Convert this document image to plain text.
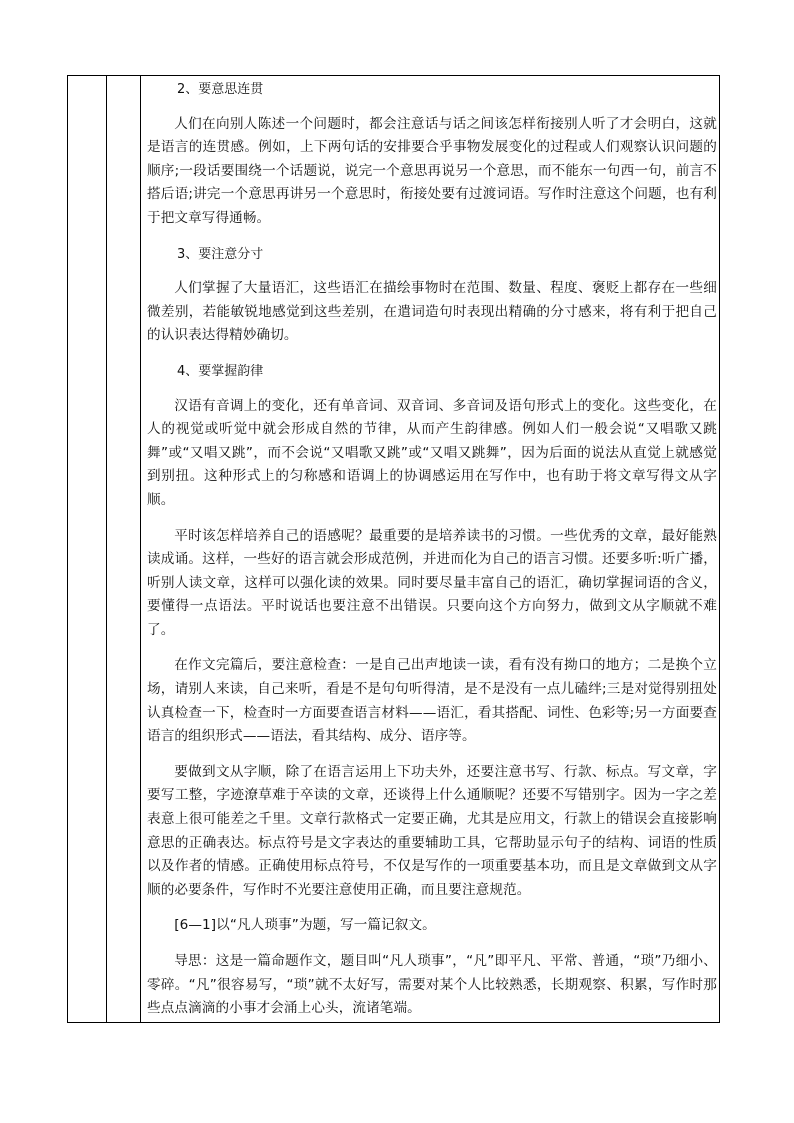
2、要意思连贯

人们在向别人陈述一个问题时，都会注意话与话之间该怎样衔接别人听了才会明白，这就是语言的连贯感。例如，上下两句话的安排要合乎事物发展变化的过程或人们观察认识问题的顺序;一段话要围绕一个话题说，说完一个意思再说另一个意思，而不能东一句西一句，前言不搭后语;讲完一个意思再讲另一个意思时，衔接处要有过渡词语。写作时注意这个问题，也有利于把文章写得通畅。

3、要注意分寸

人们掌握了大量语汇，这些语汇在描绘事物时在范围、数量、程度、褒贬上都存在一些细微差别，若能敏锐地感觉到这些差别，在遣词造句时表现出精确的分寸感来，将有利于把自己的认识表达得精妙确切。

4、要掌握韵律

汉语有音调上的变化，还有单音词、双音词、多音词及语句形式上的变化。这些变化，在人的视觉或听觉中就会形成自然的节律，从而产生韵律感。例如人们一般会说“又唱歌又跳舞”或“又唱又跳”，而不会说“又唱歌又跳”或“又唱又跳舞”，因为后面的说法从直觉上就感觉到别扭。这种形式上的匀称感和语调上的协调感运用在写作中，也有助于将文章写得文从字顺。

平时该怎样培养自己的语感呢？最重要的是培养读书的习惯。一些优秀的文章，最好能熟读成诵。这样，一些好的语言就会形成范例，并进而化为自己的语言习惯。还要多听:听广播，听别人读文章，这样可以强化读的效果。同时要尽量丰富自己的语汇，确切掌握词语的含义，要懂得一点语法。平时说话也要注意不出错误。只要向这个方向努力，做到文从字顺就不难了。

在作文完篇后，要注意检查：一是自己出声地读一读，看有没有拗口的地方；二是换个立场，请别人来读，自己来听，看是不是句句听得清，是不是没有一点儿磕绊;三是对觉得别扭处认真检查一下，检查时一方面要查语言材料——语汇，看其搭配、词性、色彩等;另一方面要查语言的组织形式——语法，看其结构、成分、语序等。

要做到文从字顺，除了在语言运用上下功夫外，还要注意书写、行款、标点。写文章，字要写工整，字迹潦草难于卒读的文章，还谈得上什么通顺呢？还要不写错别字。因为一字之差表意上很可能差之千里。文章行款格式一定要正确，尤其是应用文，行款上的错误会直接影响意思的正确表达。标点符号是文字表达的重要辅助工具，它帮助显示句子的结构、词语的性质以及作者的情感。正确使用标点符号，不仅是写作的一项重要基本功，而且是文章做到文从字顺的必要条件，写作时不光要注意使用正确，而且要注意规范。

[6—1]以“凡人琐事”为题，写一篇记叙文。

导思：这是一篇命题作文，题目叫“凡人琐事”，“凡”即平凡、平常、普通，“琐”乃细小、零碎。“凡”很容易写，“琐”就不太好写，需要对某个人比较熟悉，长期观察、积累，写作时那些点点滴滴的小事才会涌上心头，流诸笔端。
